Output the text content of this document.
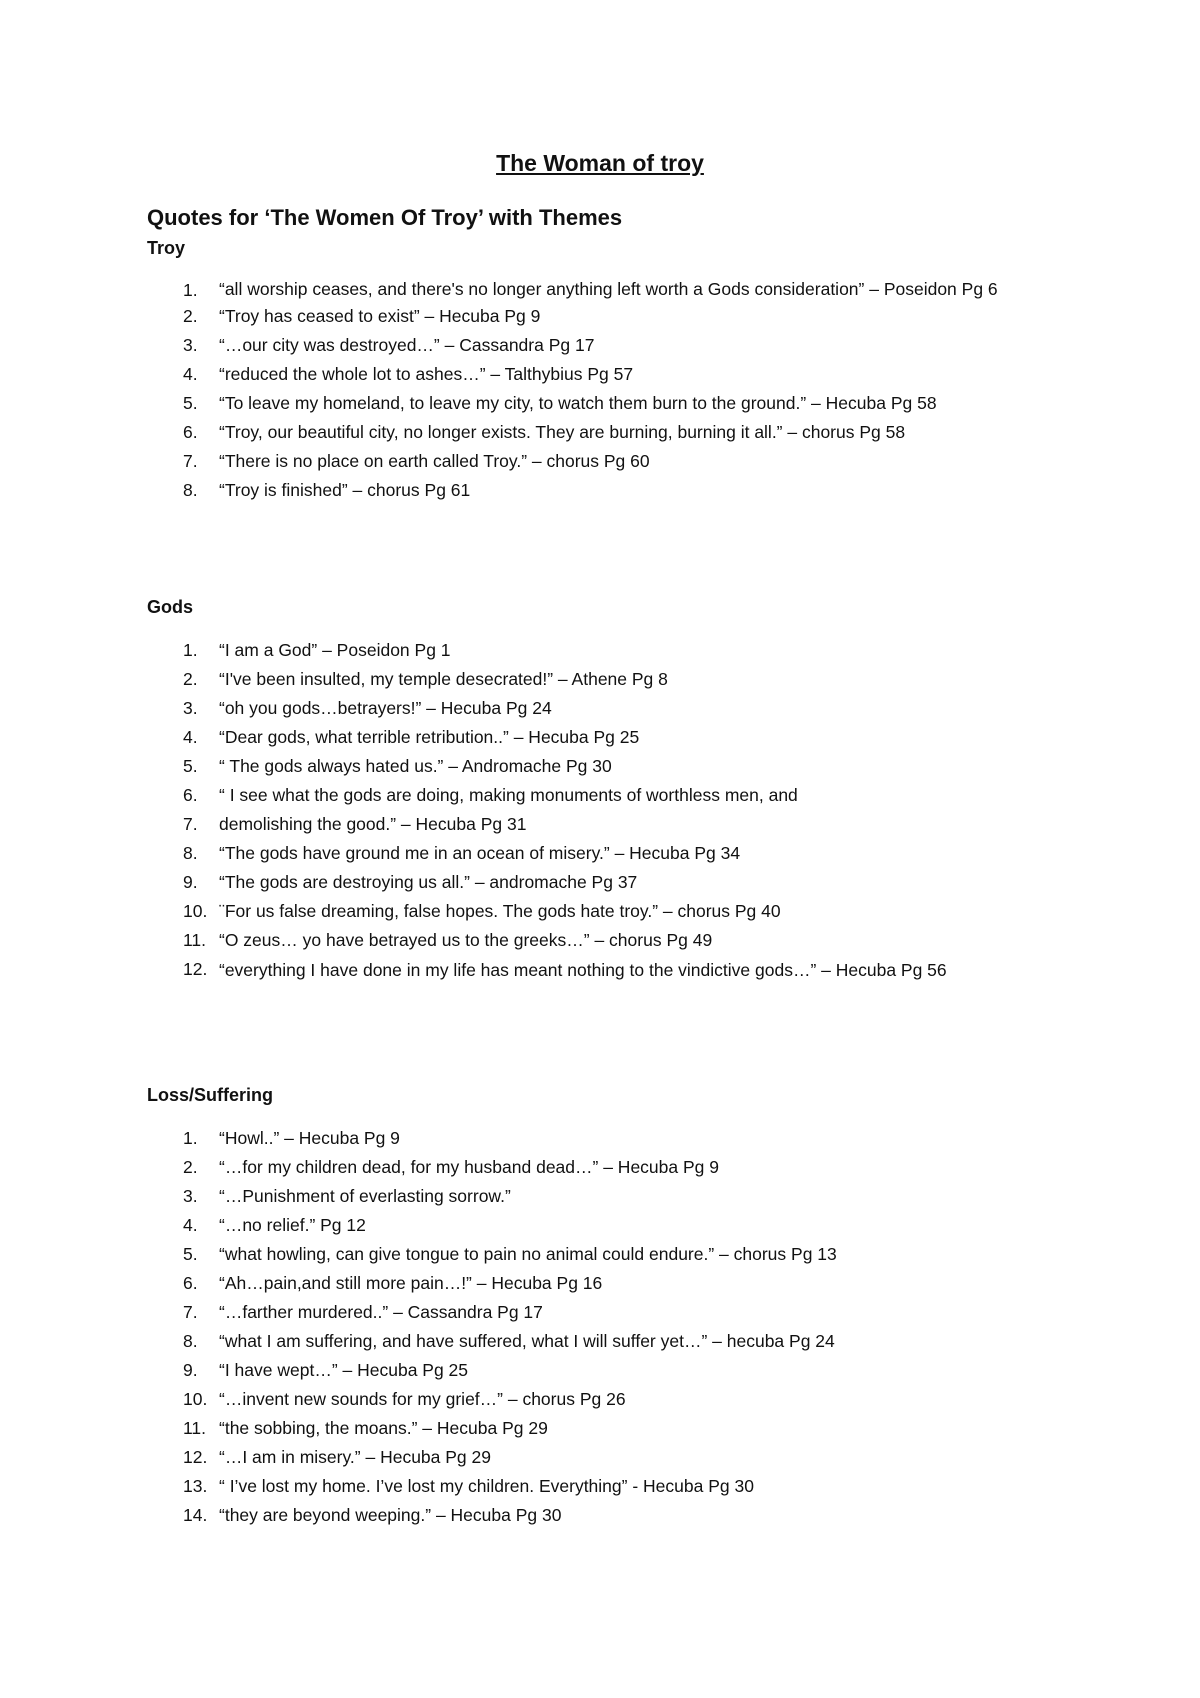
The Woman of troy
Quotes for ‘The Women Of Troy’ with Themes
Troy
1.	“all worship ceases, and there's no longer anything left worth a Gods consideration” – Poseidon Pg 6
2.	“Troy has ceased to exist” – Hecuba Pg 9
3.	“…our city was destroyed…” – Cassandra Pg 17
4.	“reduced the whole lot to ashes…” – Talthybius Pg 57
5.	“To leave my homeland, to leave my city, to watch them burn to the ground.” – Hecuba Pg 58
6.	“Troy, our beautiful city, no longer exists. They are burning, burning it all.” – chorus Pg 58
7.	“There is no place on earth called Troy.” – chorus Pg 60
8.	“Troy is finished” – chorus Pg 61
Gods
1.	“I am a God” – Poseidon Pg 1
2.	“I've been insulted, my temple desecrated!” – Athene Pg 8
3.	“oh you gods…betrayers!” – Hecuba Pg 24
4.	“Dear gods, what terrible retribution..” – Hecuba Pg 25
5.	“ The gods always hated us.” – Andromache Pg 30
6.	“ I see what the gods are doing, making monuments of worthless men, and
7.	demolishing the good.” – Hecuba Pg 31
8.	“The gods have ground me in an ocean of misery.” – Hecuba Pg 34
9.	“The gods are destroying us all.” – andromache Pg 37
10. ¨For us false dreaming, false hopes. The gods hate troy.” – chorus Pg 40
11. “O zeus… yo have betrayed us to the greeks…” – chorus Pg 49
12. “everything I have done in my life has meant nothing to the vindictive gods…” – Hecuba Pg 56
Loss/Suffering
1.	“Howl..” – Hecuba Pg 9
2.	“…for my children dead, for my husband dead…” – Hecuba Pg 9
3.	“…Punishment of everlasting sorrow.”
4.	“…no relief.” Pg 12
5.	“what howling, can give tongue to pain no animal could endure.” – chorus Pg 13
6.	“Ah…pain,and still more pain…!” – Hecuba Pg 16
7.	“…farther murdered..” – Cassandra Pg 17
8.	“what I am suffering, and have suffered, what I will suffer yet…” – hecuba Pg 24
9.	“I have wept…” – Hecuba Pg 25
10. “…invent new sounds for my grief…” – chorus Pg 26
11. “the sobbing, the moans.” – Hecuba Pg 29
12. “…I am in misery.” – Hecuba Pg 29
13. “ I’ve lost my home. I’ve lost my children. Everything” - Hecuba Pg 30
14. “they are beyond weeping.” – Hecuba Pg 30
